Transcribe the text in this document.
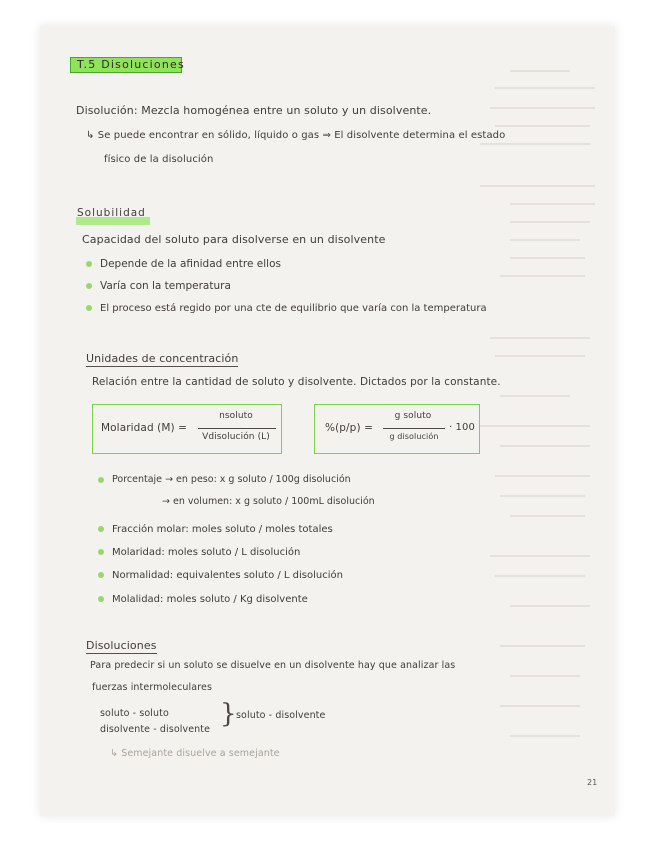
T.5 Disoluciones
Disolución: Mezcla homogénea entre un soluto y un disolvente.
↳ Se puede encontrar en sólido, líquido o gas ⇒ El disolvente determina el estado
físico de la disolución
Solubilidad
Capacidad del soluto para disolverse en un disolvente
Depende de la afinidad entre ellos
Varía con la temperatura
El proceso está regido por una cte de equilibrio que varía con la temperatura
Unidades de concentración
Relación entre la cantidad de soluto y disolvente. Dictados por la constante.
Molaridad (M) =
nsoluto
Vdisolución (L)
%(p/p) =
g soluto
g disolución
· 100
Porcentaje → en peso: x g soluto / 100g disolución
→ en volumen: x g soluto / 100mL disolución
Fracción molar: moles soluto / moles totales
Molaridad: moles soluto / L disolución
Normalidad: equivalentes soluto / L disolución
Molalidad: moles soluto / Kg disolvente
Disoluciones
Para predecir si un soluto se disuelve en un disolvente hay que analizar las
fuerzas intermoleculares
soluto - soluto
disolvente - disolvente
} soluto - disolvente
↳ Semejante disuelve a semejante
21
